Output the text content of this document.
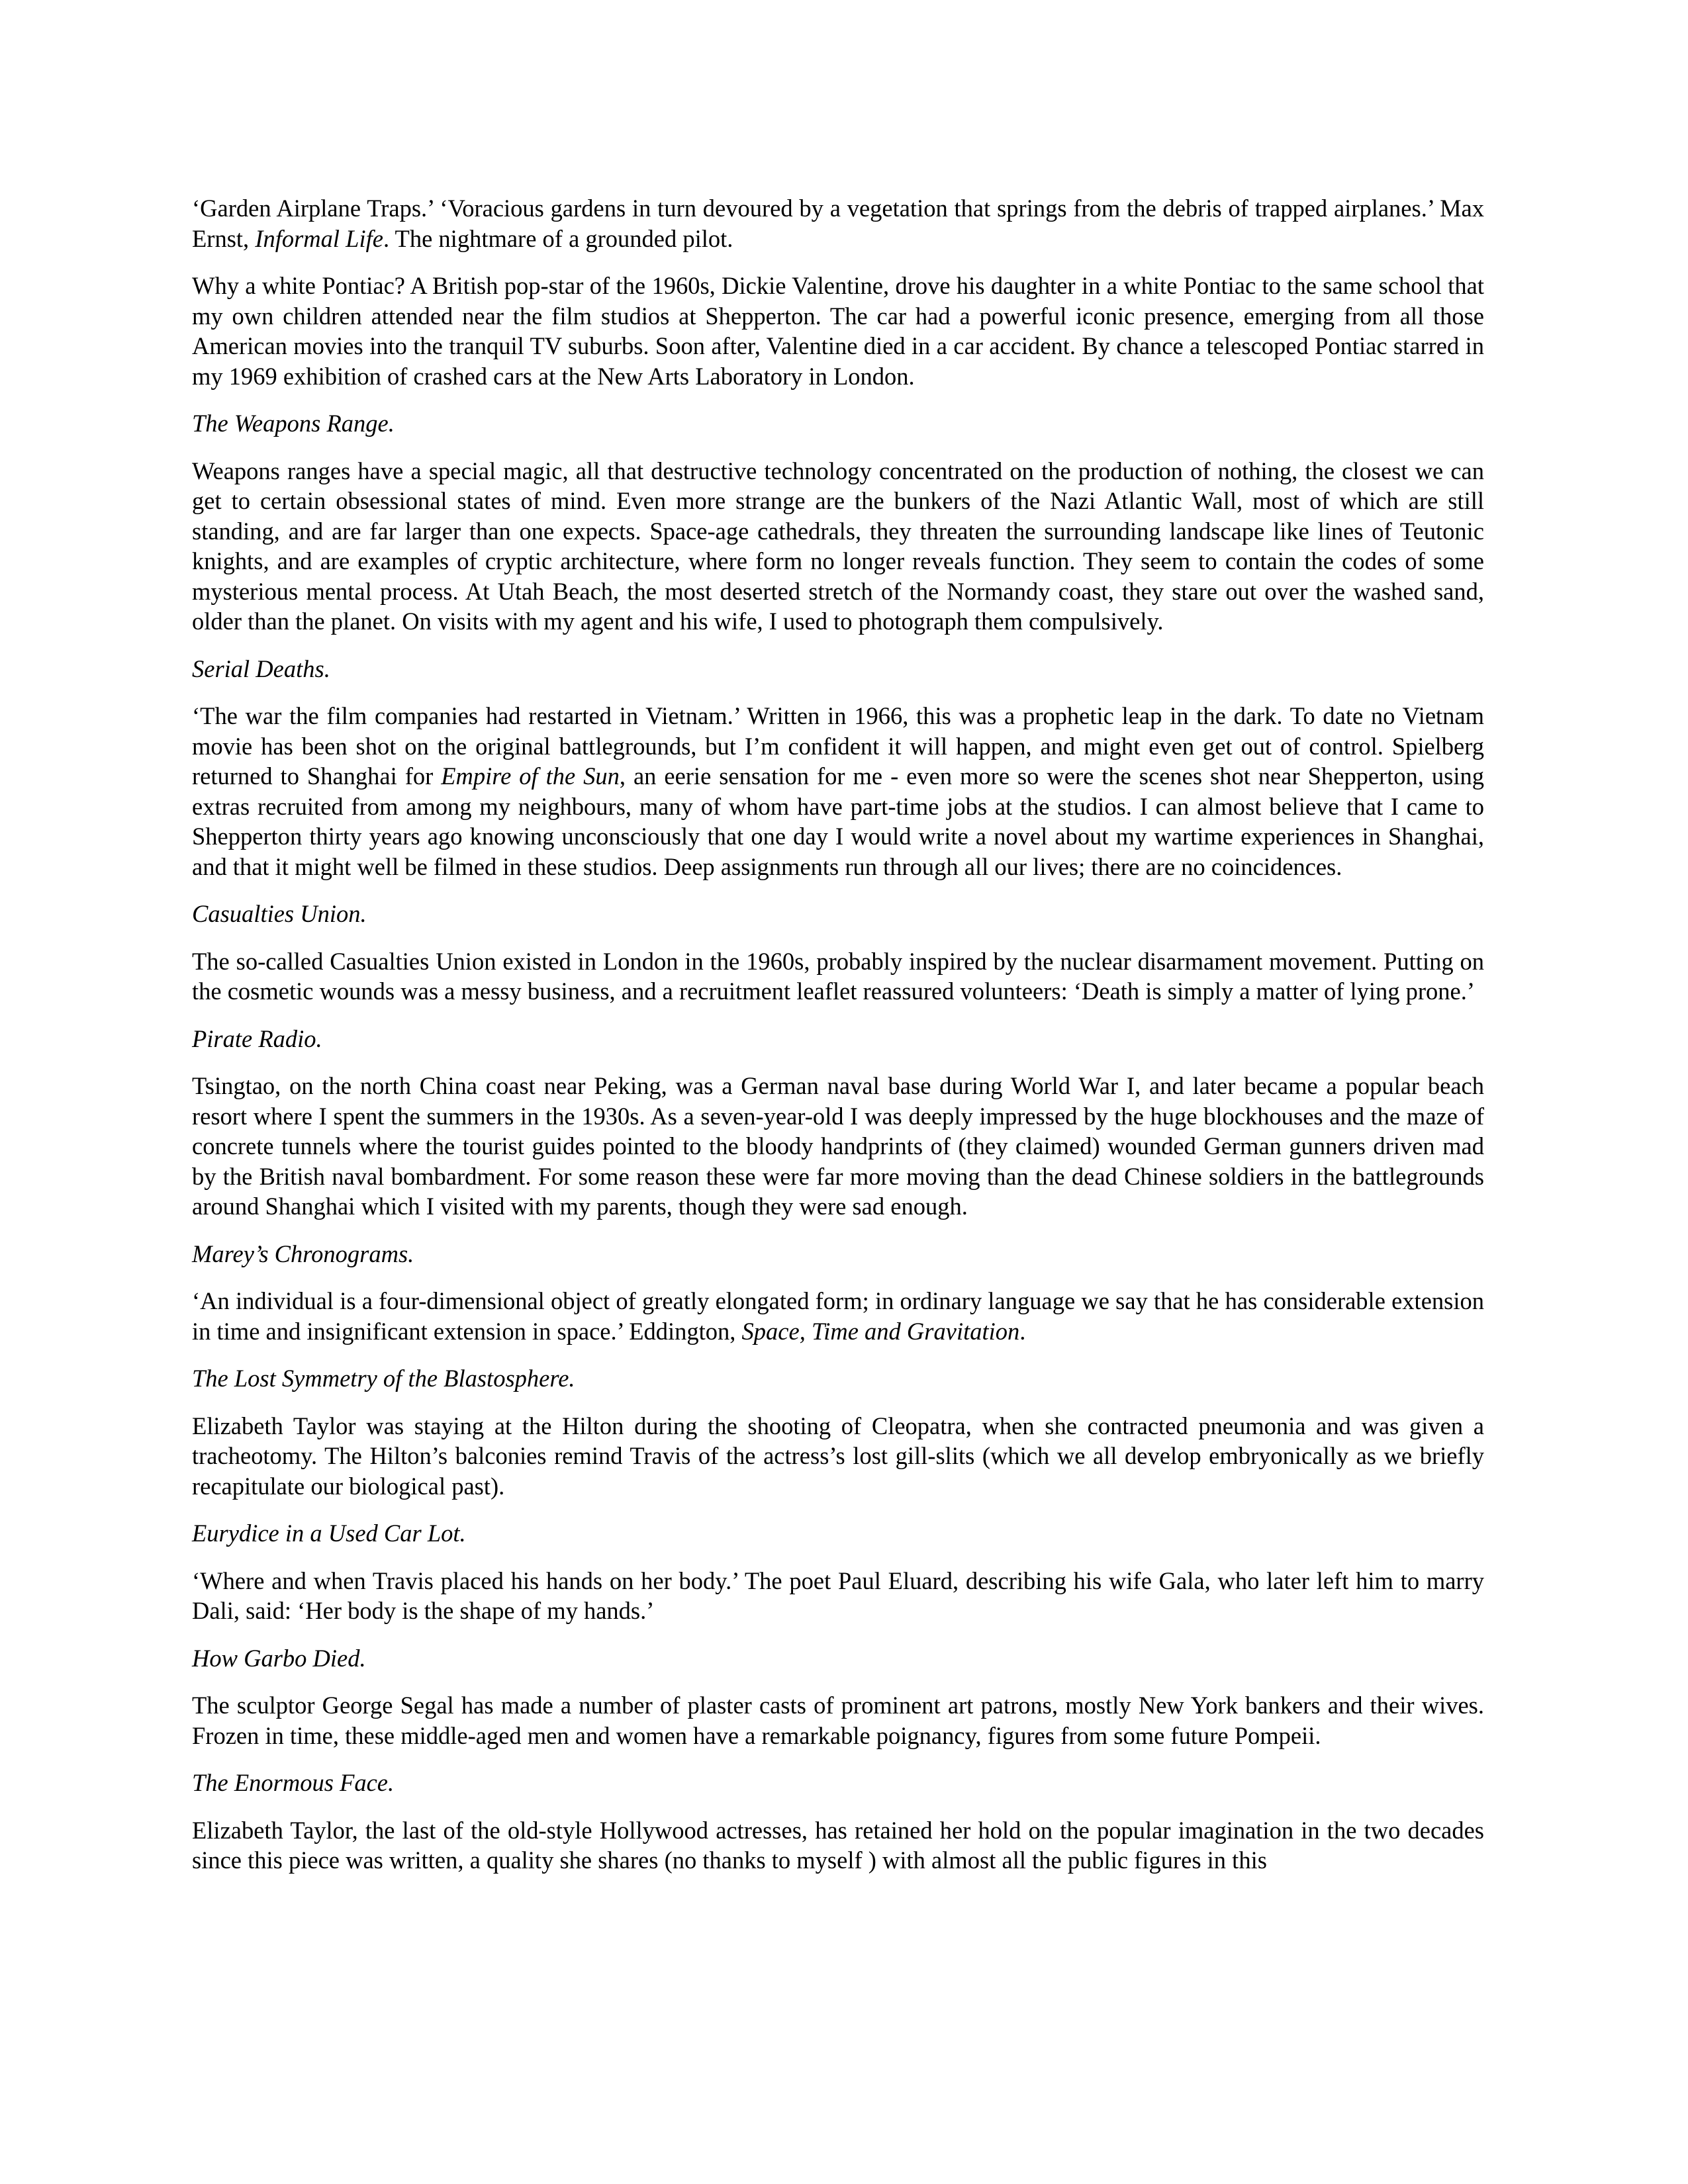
‘Garden Airplane Traps.’ ‘Voracious gardens in turn devoured by a vegetation that springs from the debris of trapped airplanes.’ Max Ernst, Informal Life. The nightmare of a grounded pilot.

Why a white Pontiac? A British pop-star of the 1960s, Dickie Valentine, drove his daughter in a white Pontiac to the same school that my own children attended near the film studios at Shepperton. The car had a powerful iconic presence, emerging from all those American movies into the tranquil TV suburbs. Soon after, Valentine died in a car accident. By chance a telescoped Pontiac starred in my 1969 exhibition of crashed cars at the New Arts Laboratory in London.

The Weapons Range.

Weapons ranges have a special magic, all that destructive technology concentrated on the production of nothing, the closest we can get to certain obsessional states of mind. Even more strange are the bunkers of the Nazi Atlantic Wall, most of which are still standing, and are far larger than one expects. Space-age cathedrals, they threaten the surrounding landscape like lines of Teutonic knights, and are examples of cryptic architecture, where form no longer reveals function. They seem to contain the codes of some mysterious mental process. At Utah Beach, the most deserted stretch of the Normandy coast, they stare out over the washed sand, older than the planet. On visits with my agent and his wife, I used to photograph them compulsively.

Serial Deaths.

‘The war the film companies had restarted in Vietnam.’ Written in 1966, this was a prophetic leap in the dark. To date no Vietnam movie has been shot on the original battlegrounds, but I’m confident it will happen, and might even get out of control. Spielberg returned to Shanghai for Empire of the Sun, an eerie sensation for me - even more so were the scenes shot near Shepperton, using extras recruited from among my neighbours, many of whom have part-time jobs at the studios. I can almost believe that I came to Shepperton thirty years ago knowing unconsciously that one day I would write a novel about my wartime experiences in Shanghai, and that it might well be filmed in these studios. Deep assignments run through all our lives; there are no coincidences.

Casualties Union.

The so-called Casualties Union existed in London in the 1960s, probably inspired by the nuclear disarmament movement. Putting on the cosmetic wounds was a messy business, and a recruitment leaflet reassured volunteers: ‘Death is simply a matter of lying prone.’

Pirate Radio.

Tsingtao, on the north China coast near Peking, was a German naval base during World War I, and later became a popular beach resort where I spent the summers in the 1930s. As a seven-year-old I was deeply impressed by the huge blockhouses and the maze of concrete tunnels where the tourist guides pointed to the bloody handprints of (they claimed) wounded German gunners driven mad by the British naval bombardment. For some reason these were far more moving than the dead Chinese soldiers in the battlegrounds around Shanghai which I visited with my parents, though they were sad enough.

Marey’s Chronograms.

‘An individual is a four-dimensional object of greatly elongated form; in ordinary language we say that he has considerable extension in time and insignificant extension in space.’ Eddington, Space, Time and Gravitation.

The Lost Symmetry of the Blastosphere.

Elizabeth Taylor was staying at the Hilton during the shooting of Cleopatra, when she contracted pneumonia and was given a tracheotomy. The Hilton’s balconies remind Travis of the actress’s lost gill-slits (which we all develop embryonically as we briefly recapitulate our biological past).

Eurydice in a Used Car Lot.

‘Where and when Travis placed his hands on her body.’ The poet Paul Eluard, describing his wife Gala, who later left him to marry Dali, said: ‘Her body is the shape of my hands.’

How Garbo Died.

The sculptor George Segal has made a number of plaster casts of prominent art patrons, mostly New York bankers and their wives. Frozen in time, these middle-aged men and women have a remarkable poignancy, figures from some future Pompeii.

The Enormous Face.

Elizabeth Taylor, the last of the old-style Hollywood actresses, has retained her hold on the popular imagination in the two decades since this piece was written, a quality she shares (no thanks to myself ) with almost all the public figures in this
